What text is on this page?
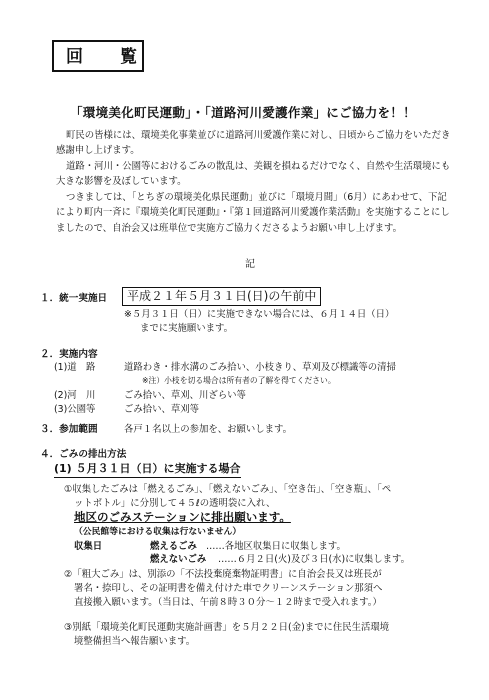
回　覧
「環境美化町民運動」・「道路河川愛護作業」にご協力を！！
町民の皆様には、環境美化事業並びに道路河川愛護作業に対し、日頃からご協力をいただき感謝申し上げます。
道路・河川・公園等におけるごみの散乱は、美観を損ねるだけでなく、自然や生活環境にも大きな影響を及ぼしています。
つきましては、「とちぎの環境美化県民運動」並びに「環境月間」（6月）にあわせて、下記により町内一斉に『環境美化町民運動』・『第１回道路河川愛護作業活動』を実施することにしましたので、自治会又は班単位で実施方ご協力くださるようお願い申し上げます。
記
１．統一実施日	平成２１年５月３１日(日)の午前中
※５月３１日（日）に実施できない場合には、６月１４日（日）
までに実施願います。
２．実施内容
(1)道　路	道路わき・排水溝のごみ拾い、小枝きり、草刈及び標識等の清掃
※注）小枝を切る場合は所有者の了解を得てください。
(2)河　川	ごみ拾い、草刈、川ざらい等
(3)公園等	ごみ拾い、草刈等
３．参加範囲	各戸１名以上の参加を、お願いします。
４．ごみの排出方法
(1) ５月３１日（日）に実施する場合
①収集したごみは「燃えるごみ」、「燃えないごみ」、「空き缶」、「空き瓶」、「ペ
ットボトル」に分別して４５ℓの透明袋に入れ、
地区のごみステーションに排出願います。
（公民館等における収集は行ないません）
収集日	燃えるごみ ……各地区収集日に収集します。
燃えないごみ ……６月２日(火)及び３日(水)に収集します。
②「粗大ごみ」は、別添の「不法投棄廃棄物証明書」に自治会長又は班長が
署名・捺印し、その証明書を備え付けた車でクリーンステーション那須へ
直接搬入願います。（当日は、午前８時３０分～１２時まで受入れます。）
③別紙「環境美化町民運動実施計画書」を５月２２日(金)までに住民生活環境
境整備担当へ報告願います。
